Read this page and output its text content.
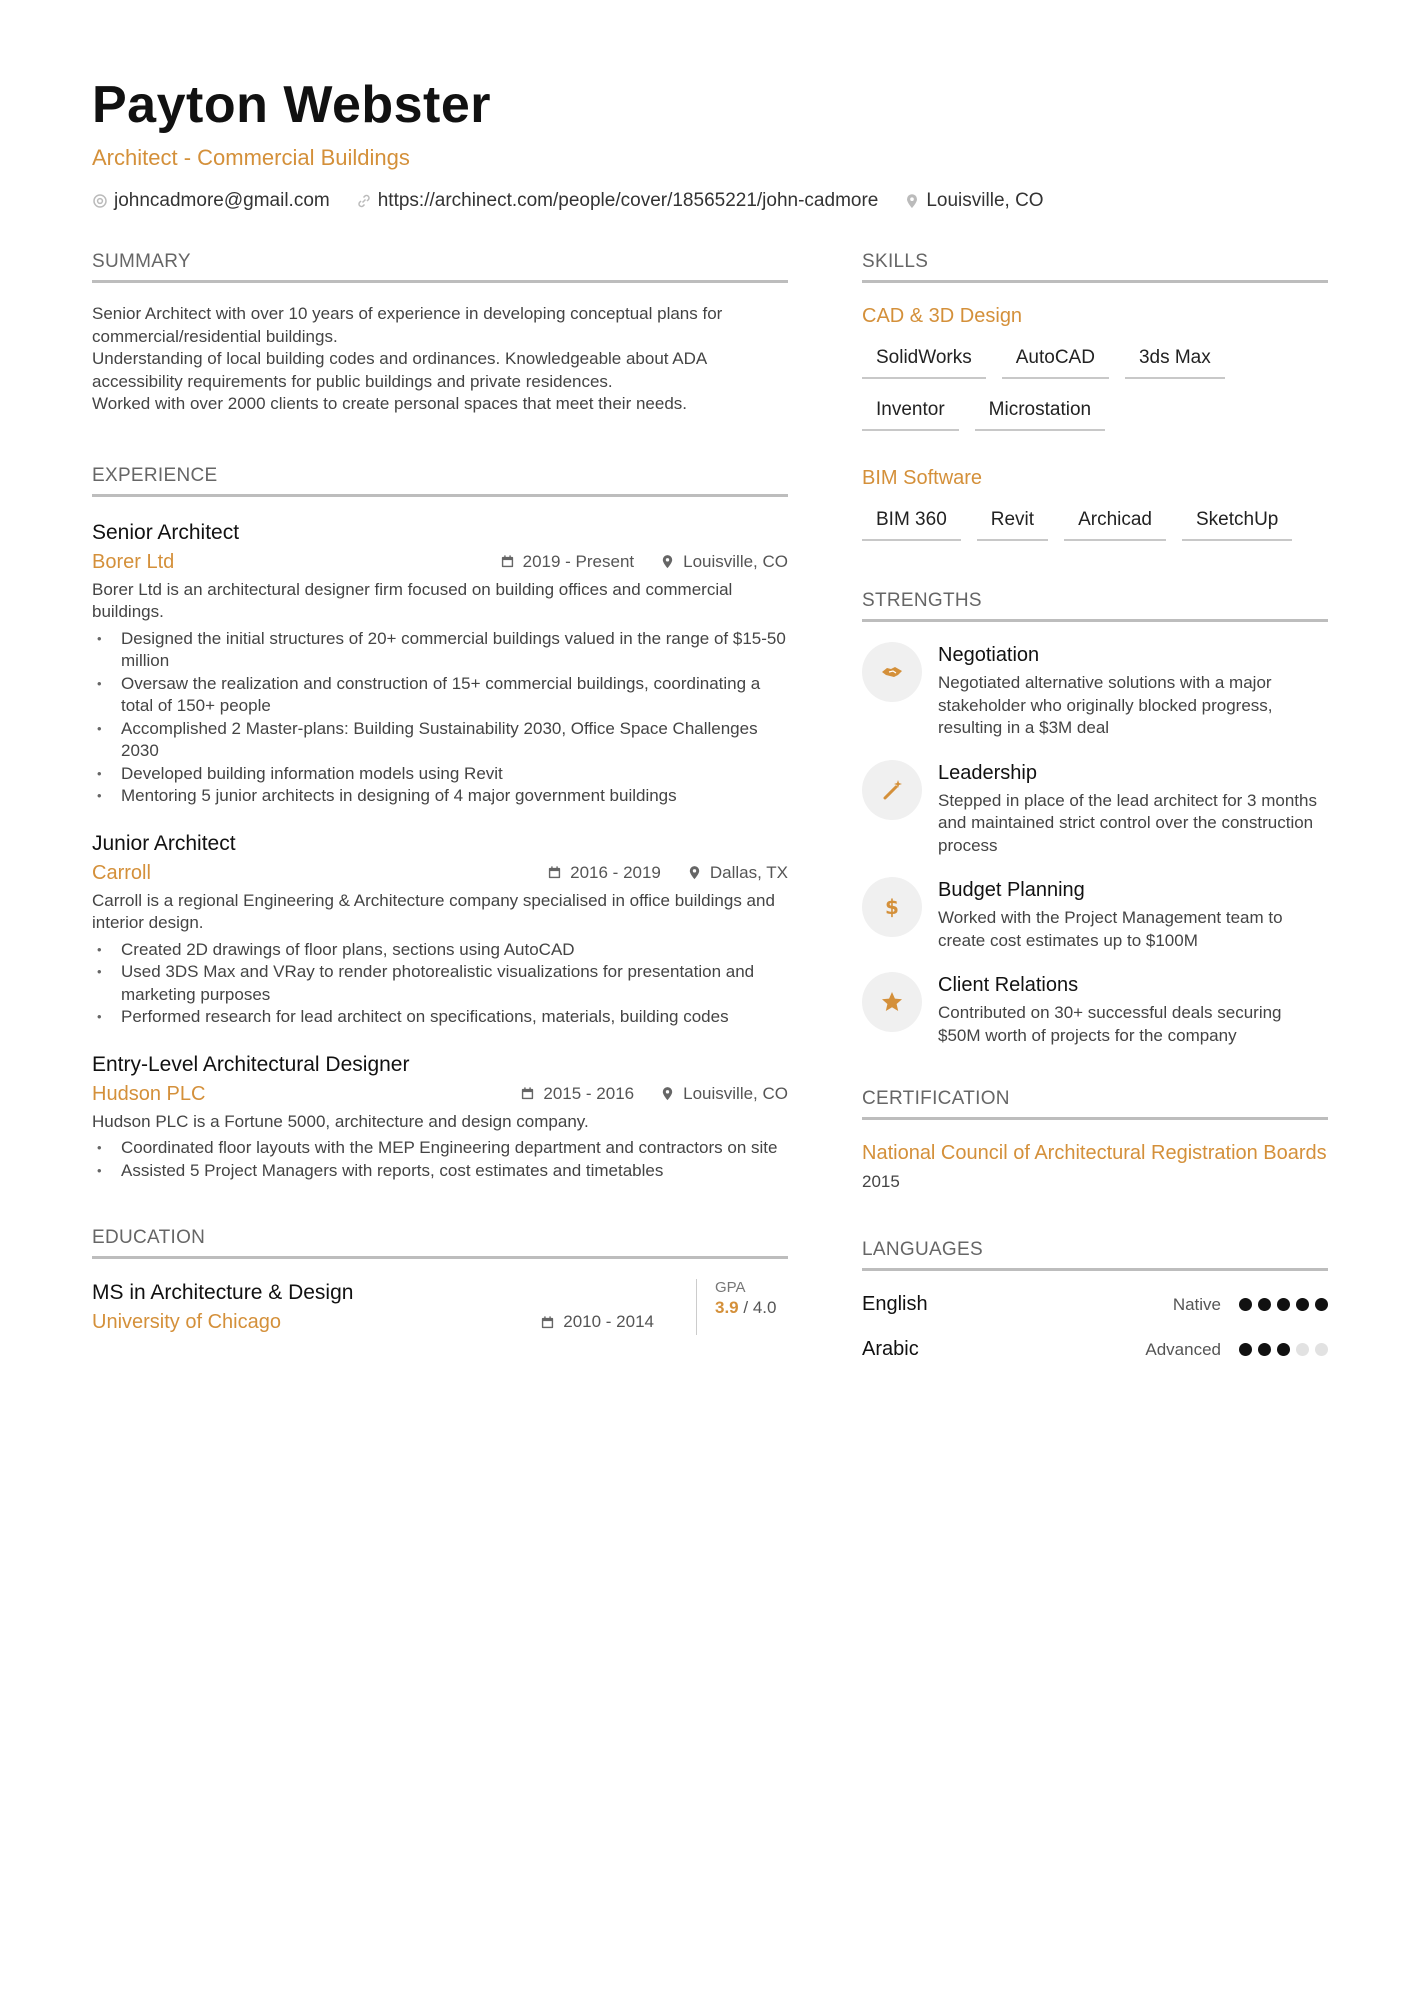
Payton Webster
Architect - Commercial Buildings
johncadmore@gmail.com	https://archinect.com/people/cover/18565221/john-cadmore	Louisville, CO
SUMMARY

Senior Architect with over 10 years of experience in developing conceptual plans for commercial/residential buildings.

Understanding of local building codes and ordinances. Knowledgeable about ADA accessibility requirements for public buildings and private residences.

Worked with over 2000 clients to create personal spaces that meet their needs.

EXPERIENCE
Senior Architect
Borer Ltd	2019 - Present	Louisville, CO
Borer Ltd is an architectural designer firm focused on building offices and commercial buildings.
• Designed the initial structures of 20+ commercial buildings valued in the range of $15-50 million
• Oversaw the realization and construction of 15+ commercial buildings, coordinating a total of 150+ people
• Accomplished 2 Master-plans: Building Sustainability 2030, Office Space Challenges 2030
• Developed building information models using Revit
• Mentoring 5 junior architects in designing of 4 major government buildings
Junior Architect
Carroll	2016 - 2019	Dallas, TX
Carroll is a regional Engineering & Architecture company specialised in office buildings and interior design.
• Created 2D drawings of floor plans, sections using AutoCAD
• Used 3DS Max and VRay to render photorealistic visualizations for presentation and marketing purposes
• Performed research for lead architect on specifications, materials, building codes
Entry-Level Architectural Designer
Hudson PLC	2015 - 2016	Louisville, CO
Hudson PLC is a Fortune 5000, architecture and design company.
• Coordinated floor layouts with the MEP Engineering department and contractors on site
• Assisted 5 Project Managers with reports, cost estimates and timetables
EDUCATION
MS in Architecture & Design
University of Chicago	2010 - 2014
GPA
3.9 / 4.0
SKILLS
CAD & 3D Design
SolidWorks	AutoCAD	3ds Max
Inventor	Microstation
BIM Software
BIM 360	Revit	Archicad	SketchUp
STRENGTHS
Negotiation
Negotiated alternative solutions with a major stakeholder who originally blocked progress, resulting in a $3M deal
Leadership
Stepped in place of the lead architect for 3 months and maintained strict control over the construction process
$
Budget Planning
Worked with the Project Management team to create cost estimates up to $100M
Client Relations
Contributed on 30+ successful deals securing $50M worth of projects for the company
CERTIFICATION
National Council of Architectural Registration Boards
2015
LANGUAGES
English	Native
Arabic	Advanced
